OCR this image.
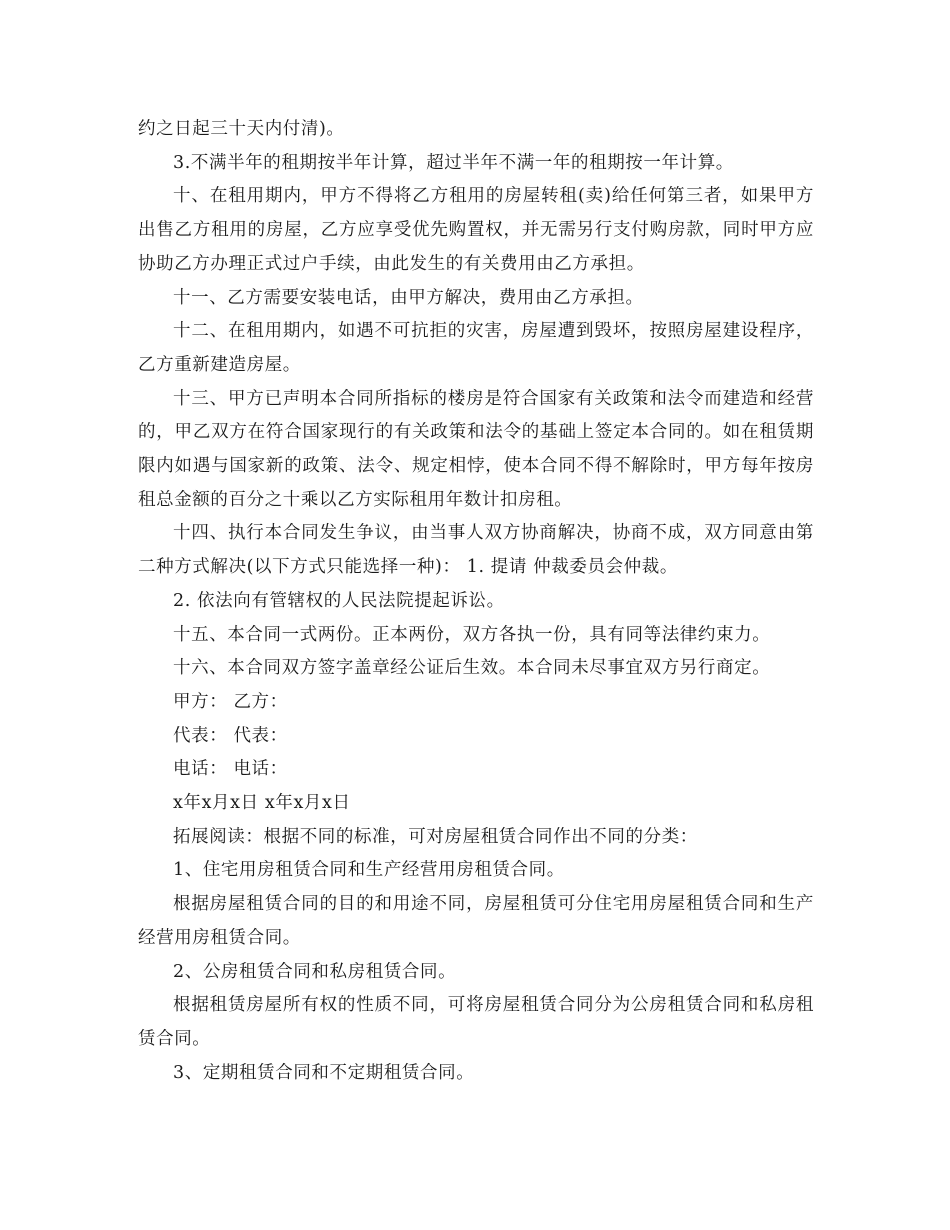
约之日起三十天内付清)。

3.不满半年的租期按半年计算，超过半年不满一年的租期按一年计算。

十、在租用期内，甲方不得将乙方租用的房屋转租(卖)给任何第三者，如果甲方出售乙方租用的房屋，乙方应享受优先购置权，并无需另行支付购房款，同时甲方应协助乙方办理正式过户手续，由此发生的有关费用由乙方承担。

十一、乙方需要安装电话，由甲方解决，费用由乙方承担。

十二、在租用期内，如遇不可抗拒的灾害，房屋遭到毁坏，按照房屋建设程序，乙方重新建造房屋。

十三、甲方已声明本合同所指标的楼房是符合国家有关政策和法令而建造和经营的，甲乙双方在符合国家现行的有关政策和法令的基础上签定本合同的。如在租赁期限内如遇与国家新的政策、法令、规定相悖，使本合同不得不解除时，甲方每年按房租总金额的百分之十乘以乙方实际租用年数计扣房租。

十四、执行本合同发生争议，由当事人双方协商解决，协商不成，双方同意由第二种方式解决(以下方式只能选择一种)： 1. 提请 仲裁委员会仲裁。

2. 依法向有管辖权的人民法院提起诉讼。

十五、本合同一式两份。正本两份，双方各执一份，具有同等法律约束力。

十六、本合同双方签字盖章经公证后生效。本合同未尽事宜双方另行商定。

甲方： 乙方：

代表： 代表：

电话： 电话：

x年x月x日 x年x月x日

拓展阅读：根据不同的标准，可对房屋租赁合同作出不同的分类：

1、住宅用房租赁合同和生产经营用房租赁合同。

根据房屋租赁合同的目的和用途不同，房屋租赁可分住宅用房屋租赁合同和生产经营用房租赁合同。

2、公房租赁合同和私房租赁合同。

根据租赁房屋所有权的性质不同，可将房屋租赁合同分为公房租赁合同和私房租赁合同。

3、定期租赁合同和不定期租赁合同。
